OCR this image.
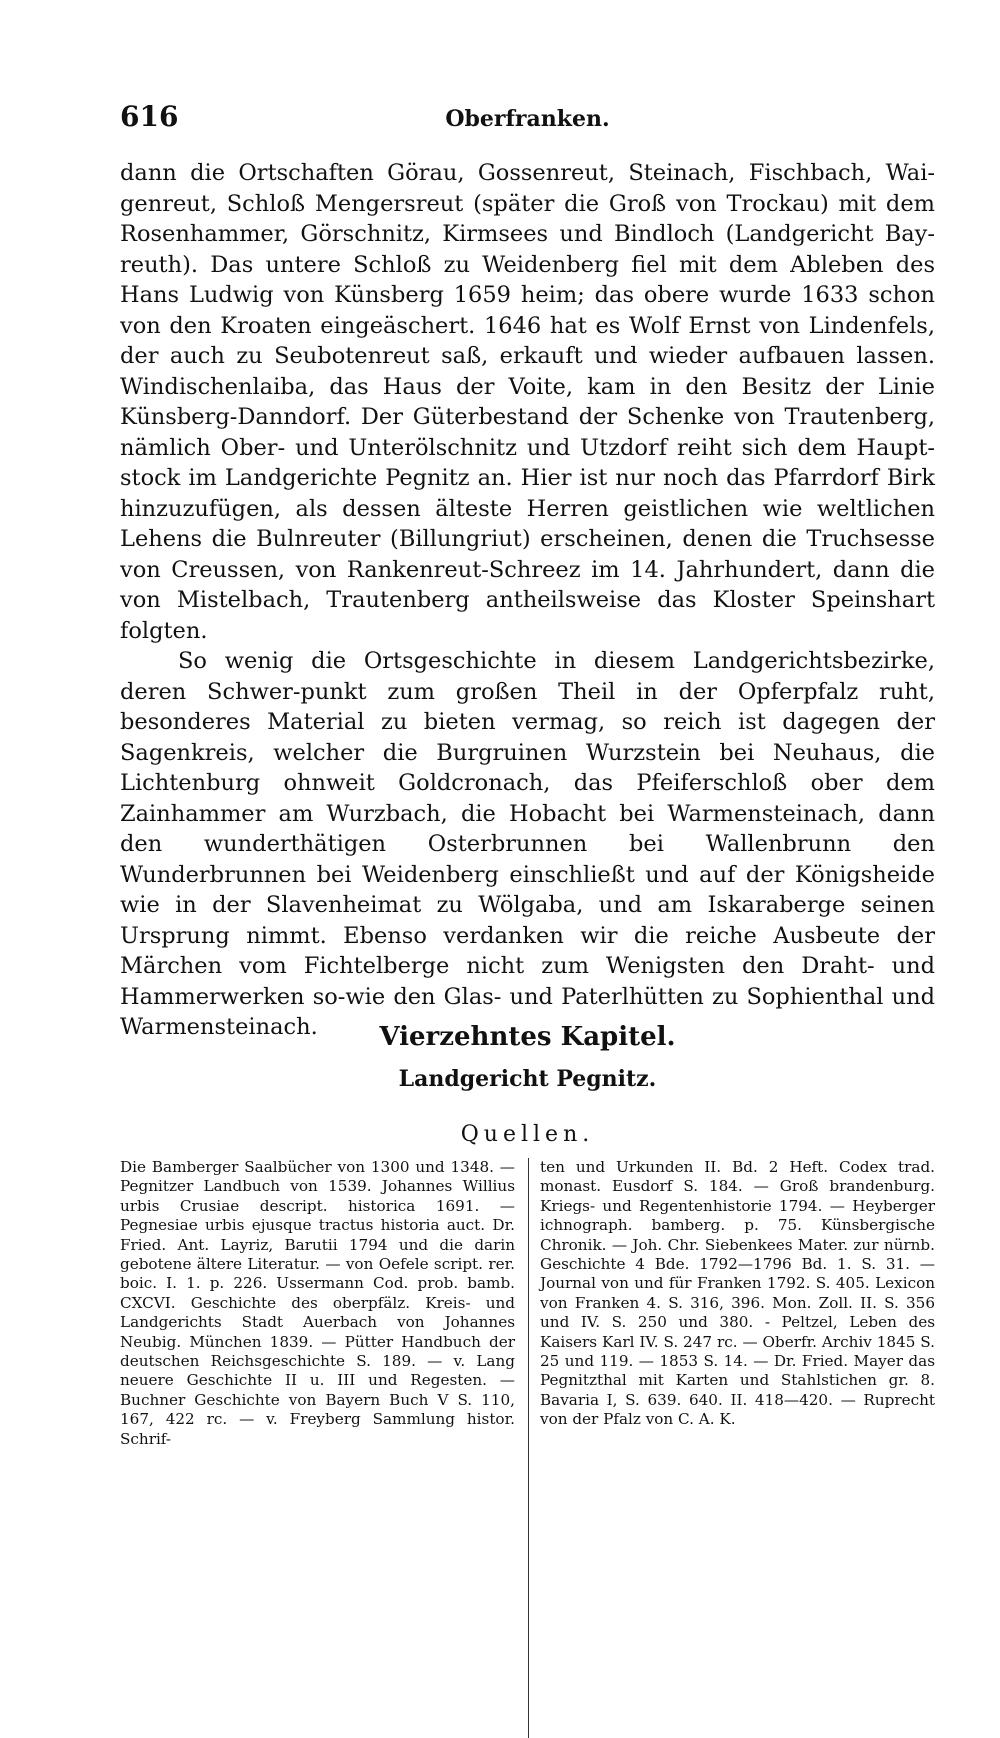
616	Oberfranken.

dann die Ortschaften Görau, Gossenreut, Steinach, Fischbach, Wai-genreut, Schloß Mengersreut (später die Groß von Trockau) mit dem Rosenhammer, Görschnitz, Kirmsees und Bindloch (Landgericht Bay-reuth). Das untere Schloß zu Weidenberg fiel mit dem Ableben des Hans Ludwig von Künsberg 1659 heim; das obere wurde 1633 schon von den Kroaten eingeäschert. 1646 hat es Wolf Ernst von Lindenfels, der auch zu Seubotenreut saß, erkauft und wieder aufbauen lassen. Windischenlaiba, das Haus der Voite, kam in den Besitz der Linie Künsberg-Danndorf. Der Güterbestand der Schenke von Trautenberg, nämlich Ober- und Unterölschnitz und Utzdorf reiht sich dem Haupt-stock im Landgerichte Pegnitz an. Hier ist nur noch das Pfarrdorf Birk hinzuzufügen, als dessen älteste Herren geistlichen wie weltlichen Lehens die Bulnreuter (Billungriut) erscheinen, denen die Truchsesse von Creussen, von Rankenreut-Schreez im 14. Jahrhundert, dann die von Mistelbach, Trautenberg antheilsweise das Kloster Speinshart folgten.

So wenig die Ortsgeschichte in diesem Landgerichtsbezirke, deren Schwer-punkt zum großen Theil in der Opferpfalz ruht, besonderes Material zu bieten vermag, so reich ist dagegen der Sagenkreis, welcher die Burgruinen Wurzstein bei Neuhaus, die Lichtenburg ohnweit Goldcronach, das Pfeiferschloß ober dem Zainhammer am Wurzbach, die Hobacht bei Warmensteinach, dann den wunderthätigen Osterbrunnen bei Wallenbrunn den Wunderbrunnen bei Weidenberg einschließt und auf der Königsheide wie in der Slavenheimat zu Wölgaba, und am Iskaraberge seinen Ursprung nimmt. Ebenso verdanken wir die reiche Ausbeute der Märchen vom Fichtelberge nicht zum Wenigsten den Draht- und Hammerwerken so-wie den Glas- und Paterlhütten zu Sophienthal und Warmensteinach.	Vierzehntes Kapitel.
Landgericht Pegnitz.
Quellen.
Die Bamberger Saalbücher von 1300 und 1348. — Pegnitzer Landbuch von 1539. Johannes Willius urbis Crusiae descript. historica 1691. — Pegnesiae urbis ejusque tractus historia auct. Dr. Fried. Ant. Layriz, Barutii 1794 und die darin gebotene ältere Literatur. — von Oefele script. rer. boic. I. 1. p. 226. Ussermann Cod. prob. bamb. CXCVI. Geschichte des oberpfälz. Kreis- und Landgerichts Stadt Auerbach von Johannes Neubig. München 1839. — Pütter Handbuch der deutschen Reichsgeschichte S. 189. — v. Lang neuere Geschichte II u. III und Regesten. — Buchner Geschichte von Bayern Buch V S. 110, 167, 422 rc. — v. Freyberg Sammlung histor. Schrif-
ten und Urkunden II. Bd. 2 Heft. Codex trad. monast. Eusdorf S. 184. — Groß brandenburg. Kriegs- und Regentenhistorie 1794. — Heyberger ichnograph. bamberg. p. 75. Künsbergische Chronik. — Joh. Chr. Siebenkees Mater. zur nürnb. Geschichte 4 Bde. 1792—1796 Bd. 1. S. 31. — Journal von und für Franken 1792. S. 405. Lexicon von Franken 4. S. 316, 396. Mon. Zoll. II. S. 356 und IV. S. 250 und 380. - Peltzel, Leben des Kaisers Karl IV. S. 247 rc. — Oberfr. Archiv 1845 S. 25 und 119. — 1853 S. 14. — Dr. Fried. Mayer das Pegnitzthal mit Karten und Stahlstichen gr. 8. Bavaria I, S. 639. 640. II. 418—420. — Ruprecht von der Pfalz von C. A. K.
